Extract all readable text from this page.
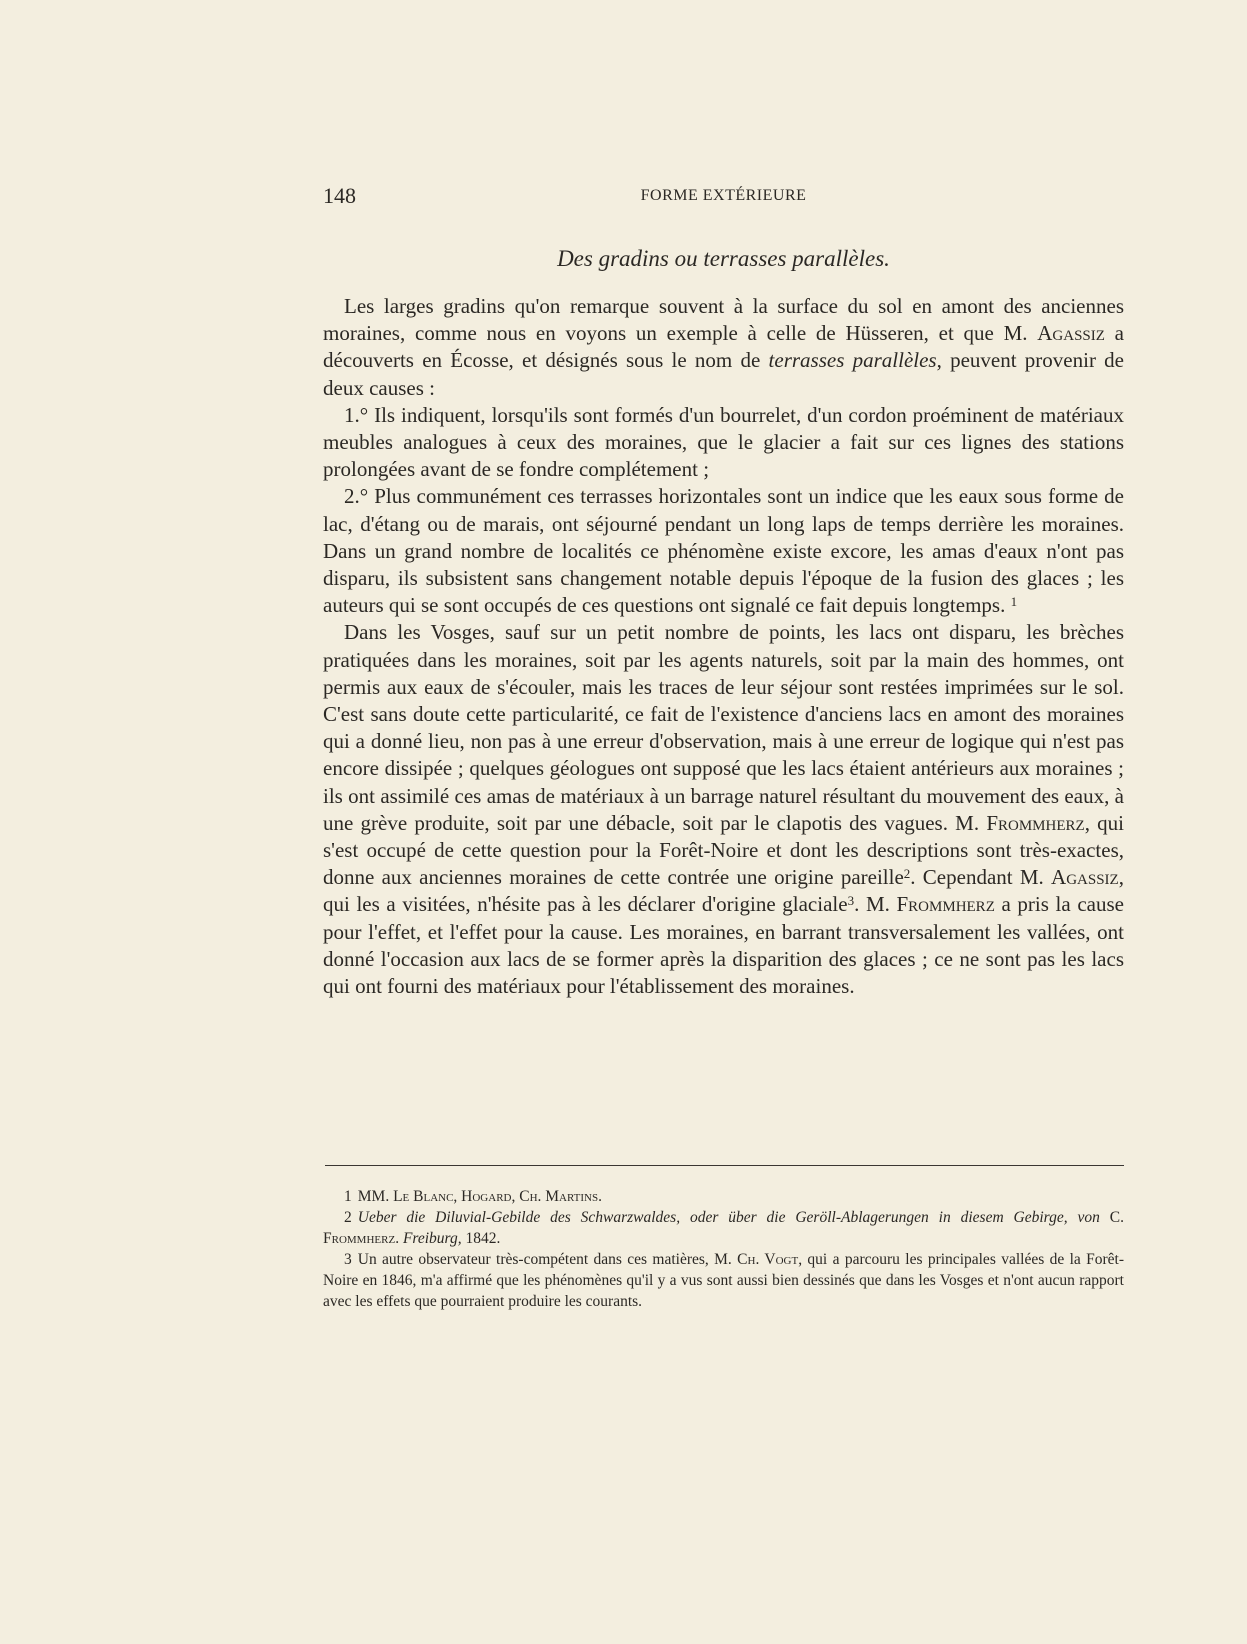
148	FORME EXTÉRIEURE
Des gradins ou terrasses parallèles.

Les larges gradins qu'on remarque souvent à la surface du sol en amont des anciennes moraines, comme nous en voyons un exemple à celle de Hüsseren, et que M. Agassiz a découverts en Écosse, et désignés sous le nom de terrasses parallèles, peuvent provenir de deux causes :

1.° Ils indiquent, lorsqu'ils sont formés d'un bourrelet, d'un cordon proéminent de matériaux meubles analogues à ceux des moraines, que le glacier a fait sur ces lignes des stations prolongées avant de se fondre complétement ;

2.° Plus communément ces terrasses horizontales sont un indice que les eaux sous forme de lac, d'étang ou de marais, ont séjourné pendant un long laps de temps derrière les moraines. Dans un grand nombre de localités ce phénomène existe excore, les amas d'eaux n'ont pas disparu, ils subsistent sans changement notable depuis l'époque de la fusion des glaces ; les auteurs qui se sont occupés de ces questions ont signalé ce fait depuis longtemps. $^1$

Dans les Vosges, sauf sur un petit nombre de points, les lacs ont disparu, les brèches pratiquées dans les moraines, soit par les agents naturels, soit par la main des hommes, ont permis aux eaux de s'écouler, mais les traces de leur séjour sont restées imprimées sur le sol. C'est sans doute cette particularité, ce fait de l'existence d'anciens lacs en amont des moraines qui a donné lieu, non pas à une erreur d'observation, mais à une erreur de logique qui n'est pas encore dissipée ; quelques géologues ont supposé que les lacs étaient antérieurs aux moraines ; ils ont assimilé ces amas de matériaux à un barrage naturel résultant du mouvement des eaux, à une grève produite, soit par une débacle, soit par le clapotis des vagues. M. Frommherz, qui s'est occupé de cette question pour la Forêt-Noire et dont les descriptions sont très-exactes, donne aux anciennes moraines de cette contrée une origine pareille$^2$. Cependant M. Agassiz, qui les a visitées, n'hésite pas à les déclarer d'origine glaciale$^3$. M. Frommherz a pris la cause pour l'effet, et l'effet pour la cause. Les moraines, en barrant transversalement les vallées, ont donné l'occasion aux lacs de se former après la disparition des glaces ; ce ne sont pas les lacs qui ont fourni des matériaux pour l'établissement des moraines.

1 MM. Le Blanc, Hogard, Ch. Martins.

2 Ueber die Diluvial-Gebilde des Schwarzwaldes, oder über die Geröll-Ablagerungen in diesem Gebirge, von C. Frommherz. Freiburg, 1842.

3 Un autre observateur très-compétent dans ces matières, M. Ch. Vogt, qui a parcouru les principales vallées de la Forêt-Noire en 1846, m'a affirmé que les phénomènes qu'il y a vus sont aussi bien dessinés que dans les Vosges et n'ont aucun rapport avec les effets que pourraient produire les courants.
